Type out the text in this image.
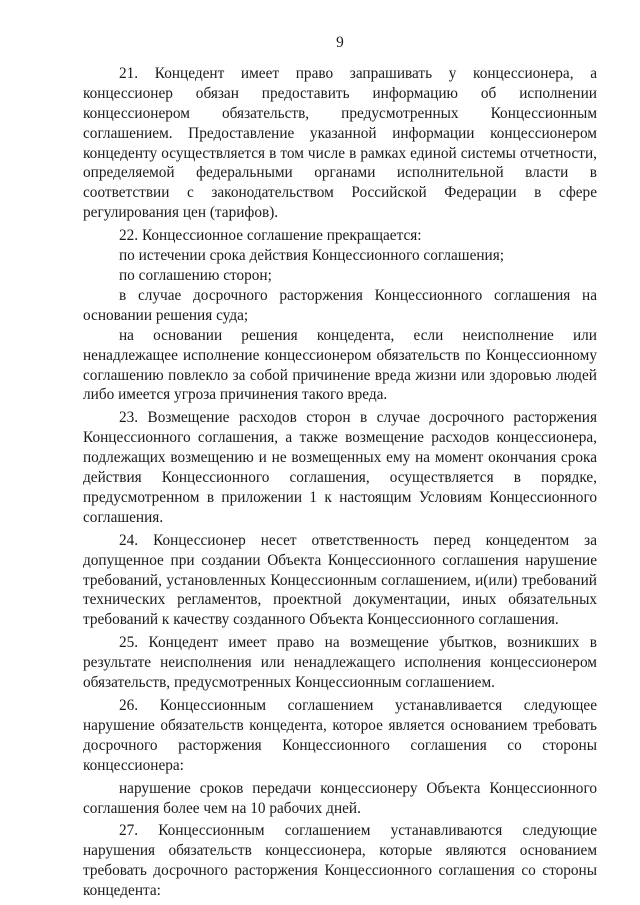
9

21. Концедент имеет право запрашивать у концессионера, а концессионер обязан предоставить информацию об исполнении концессионером обязательств, предусмотренных Концессионным соглашением. Предоставление указанной информации концессионером концеденту осуществляется в том числе в рамках единой системы отчетности, определяемой федеральными органами исполнительной власти в соответствии с законодательством Российской Федерации в сфере регулирования цен (тарифов).

22. Концессионное соглашение прекращается:

по истечении срока действия Концессионного соглашения;

по соглашению сторон;

в случае досрочного расторжения Концессионного соглашения на основании решения суда;

на основании решения концедента, если неисполнение или ненадлежащее исполнение концессионером обязательств по Концессионному соглашению повлекло за собой причинение вреда жизни или здоровью людей либо имеется угроза причинения такого вреда.

23. Возмещение расходов сторон в случае досрочного расторжения Концессионного соглашения, а также возмещение расходов концессионера, подлежащих возмещению и не возмещенных ему на момент окончания срока действия Концессионного соглашения, осуществляется в порядке, предусмотренном в приложении 1 к настоящим Условиям Концессионного соглашения.

24. Концессионер несет ответственность перед концедентом за допущенное при создании Объекта Концессионного соглашения нарушение требований, установленных Концессионным соглашением, и(или) требований технических регламентов, проектной документации, иных обязательных требований к качеству созданного Объекта Концессионного соглашения.

25. Концедент имеет право на возмещение убытков, возникших в результате неисполнения или ненадлежащего исполнения концессионером обязательств, предусмотренных Концессионным соглашением.

26. Концессионным соглашением устанавливается следующее нарушение обязательств концедента, которое является основанием требовать досрочного расторжения Концессионного соглашения со стороны концессионера:

нарушение сроков передачи концессионеру Объекта Концессионного соглашения более чем на 10 рабочих дней.

27. Концессионным соглашением устанавливаются следующие нарушения обязательств концессионера, которые являются основанием требовать досрочного расторжения Концессионного соглашения со стороны концедента:
